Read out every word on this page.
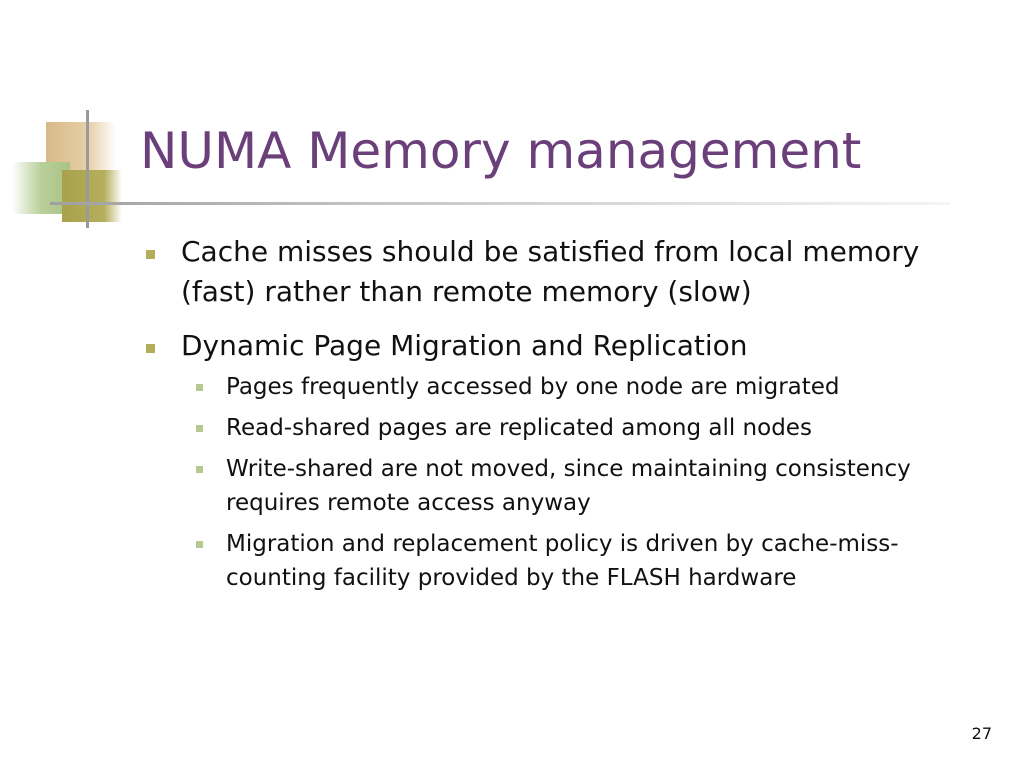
NUMA Memory management
Cache misses should be satisfied from local memory (fast) rather than remote memory (slow)
Dynamic Page Migration and Replication
Pages frequently accessed by one node are migrated
Read-shared pages are replicated among all nodes
Write-shared are not moved, since maintaining consistency requires remote access anyway
Migration and replacement policy is driven by cache-miss-counting facility provided by the FLASH hardware
27
